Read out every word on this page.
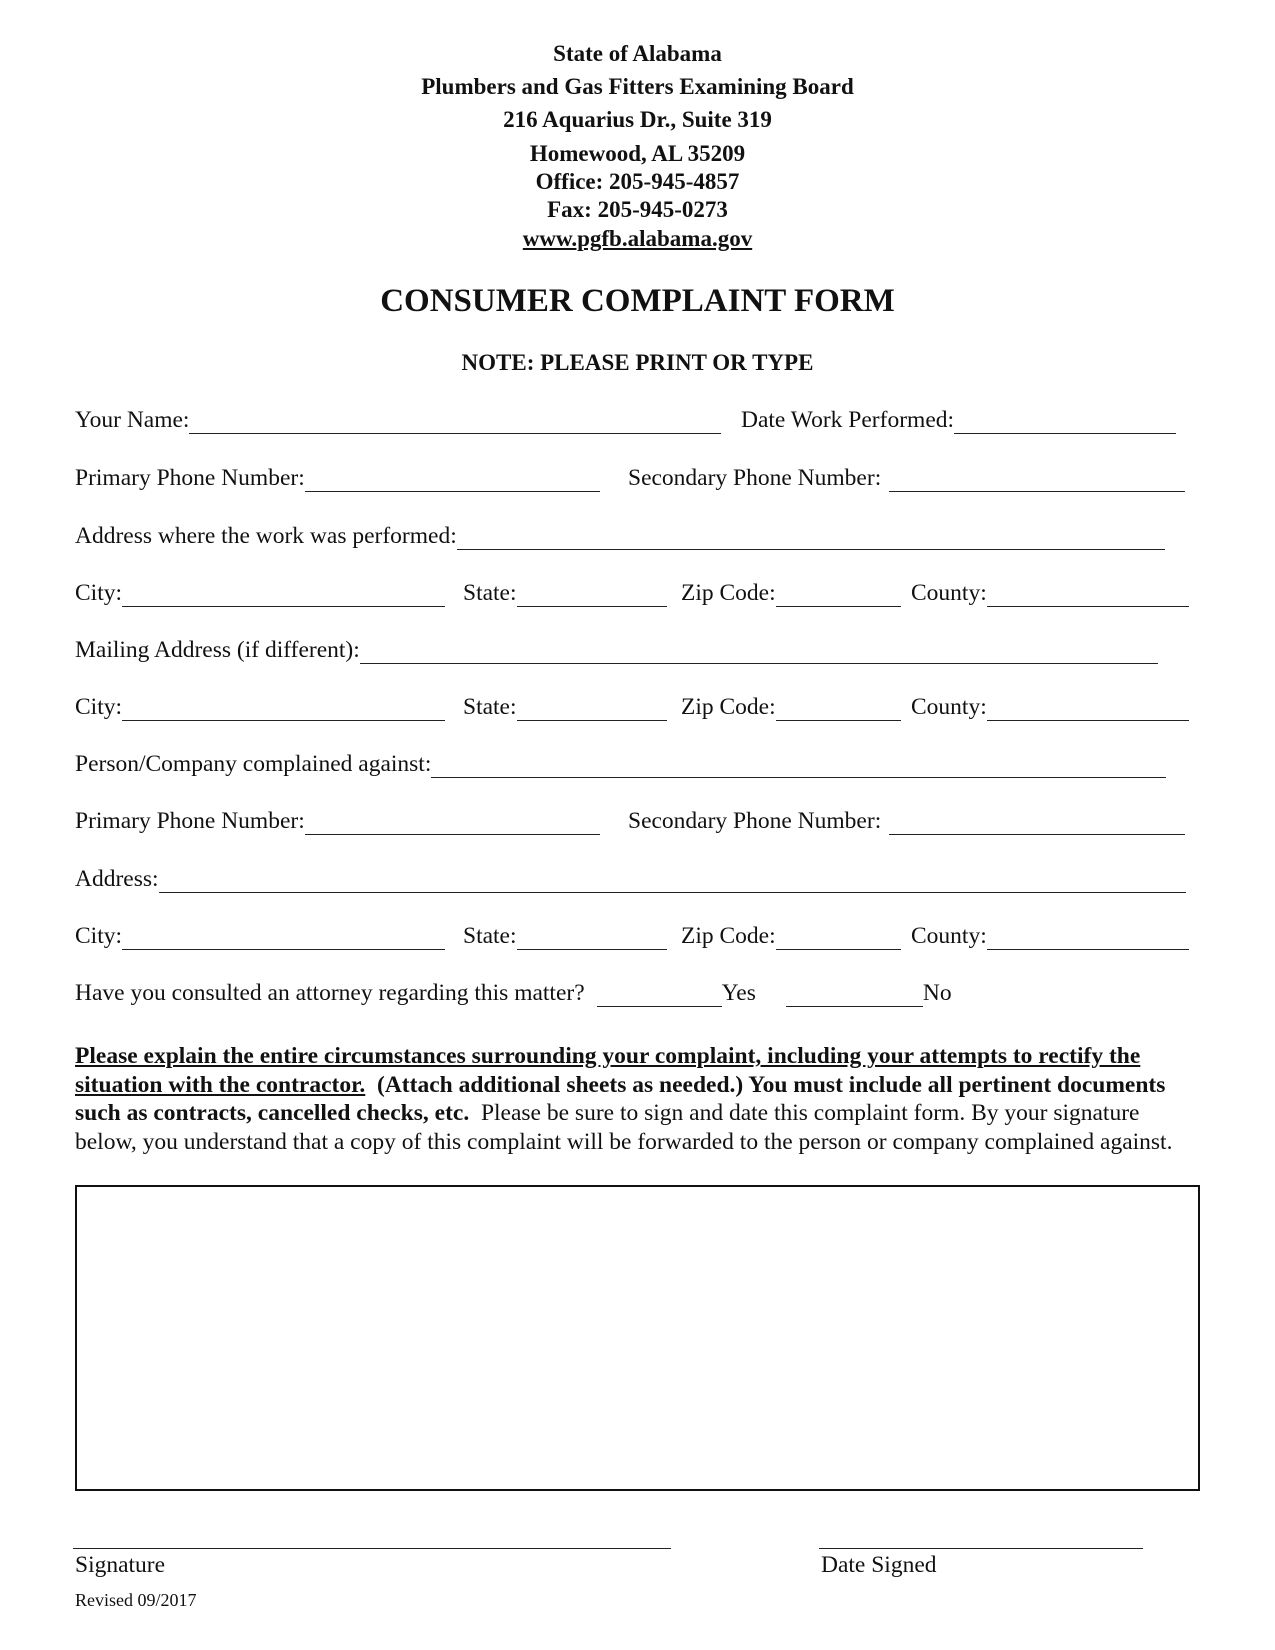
State of Alabama
Plumbers and Gas Fitters Examining Board
216 Aquarius Dr., Suite 319
Homewood, AL 35209
Office: 205-945-4857
Fax: 205-945-0273
www.pgfb.alabama.gov
CONSUMER COMPLAINT FORM
NOTE: PLEASE PRINT OR TYPE
Your Name:	Date Work Performed:
Primary Phone Number:	Secondary Phone Number:
Address where the work was performed:
City:	State:	Zip Code:	County:
Mailing Address (if different):
City:	State:	Zip Code:	County:
Person/Company complained against:
Primary Phone Number:	Secondary Phone Number:
Address:
City:	State:	Zip Code:	County:
Have you consulted an attorney regarding this matter?	Yes	No
Please explain the entire circumstances surrounding your complaint, including your attempts to rectify the situation with the contractor. (Attach additional sheets as needed.) You must include all pertinent documents such as contracts, cancelled checks, etc. Please be sure to sign and date this complaint form. By your signature below, you understand that a copy of this complaint will be forwarded to the person or company complained against.
Signature	Date Signed
Revised 09/2017
